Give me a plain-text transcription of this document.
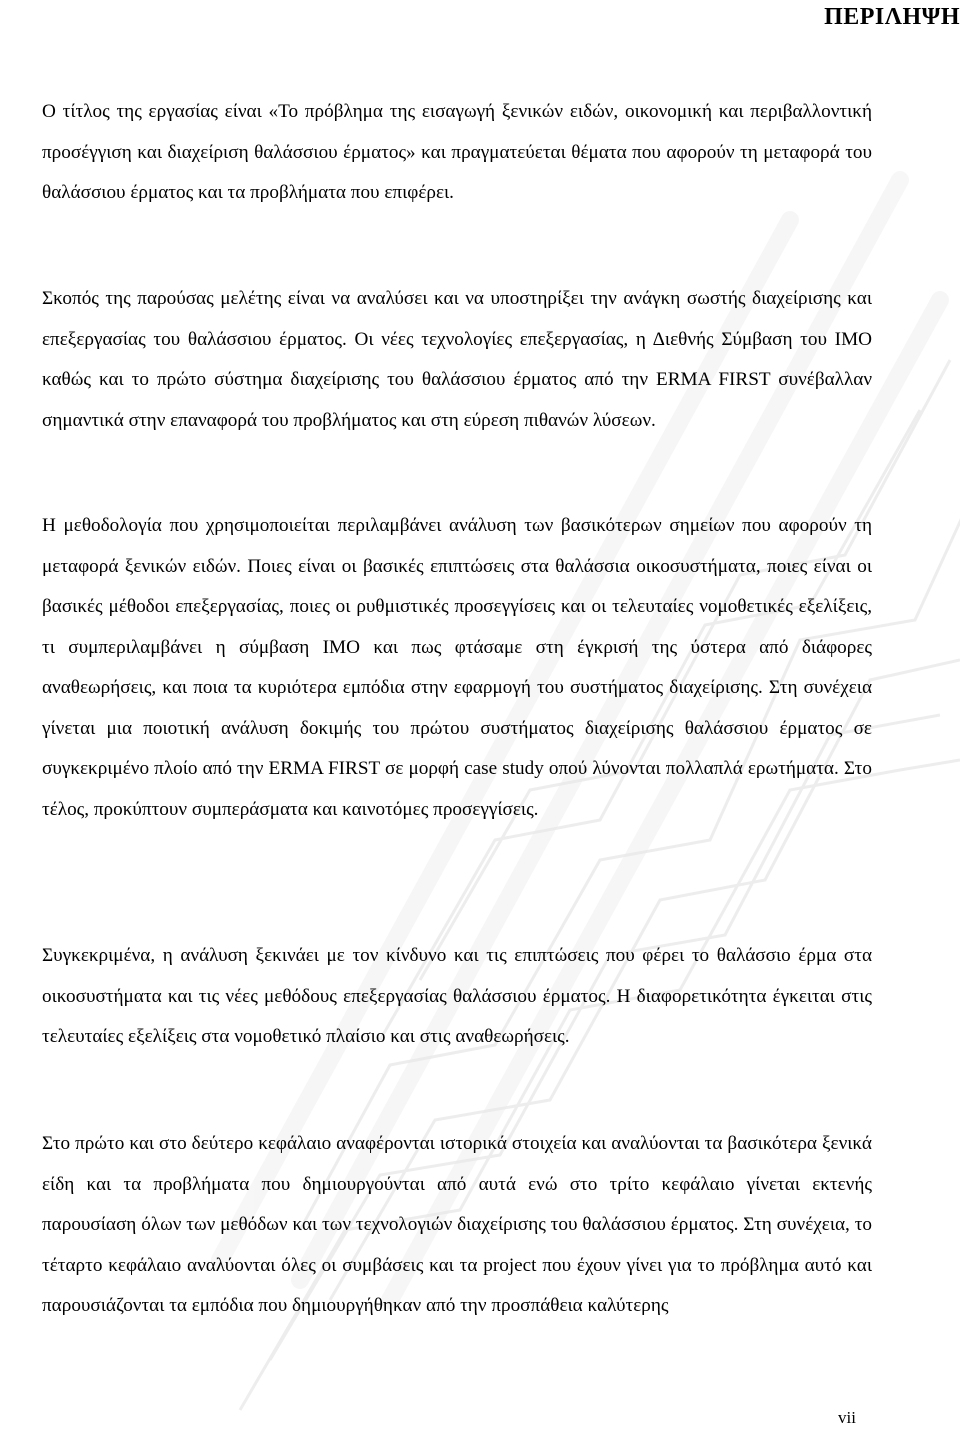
ΠΕΡΙΛΗΨΗ

Ο τίτλος της εργασίας είναι «Το πρόβλημα της εισαγωγή ξενικών ειδών, οικονομική και περιβαλλοντική προσέγγιση και διαχείριση θαλάσσιου έρματος» και πραγματεύεται θέματα που αφορούν τη μεταφορά του θαλάσσιου έρματος και τα προβλήματα που επιφέρει.

Σκοπός της παρούσας μελέτης είναι να αναλύσει και να υποστηρίξει την ανάγκη σωστής διαχείρισης και επεξεργασίας του θαλάσσιου έρματος. Οι νέες τεχνολογίες επεξεργασίας, η Διεθνής Σύμβαση του ΙΜΟ καθώς και το πρώτο σύστημα διαχείρισης του θαλάσσιου έρματος από την ERMA FIRST συνέβαλλαν σημαντικά στην επαναφορά του προβλήματος και στη εύρεση πιθανών λύσεων.

Η μεθοδολογία που χρησιμοποιείται περιλαμβάνει ανάλυση των βασικότερων σημείων που αφορούν τη μεταφορά ξενικών ειδών. Ποιες είναι οι βασικές επιπτώσεις στα θαλάσσια οικοσυστήματα, ποιες είναι οι βασικές μέθοδοι επεξεργασίας, ποιες οι ρυθμιστικές προσεγγίσεις και οι τελευταίες νομοθετικές εξελίξεις, τι συμπεριλαμβάνει η σύμβαση ΙΜΟ και πως φτάσαμε στη έγκρισή της ύστερα από διάφορες αναθεωρήσεις, και ποια τα κυριότερα εμπόδια στην εφαρμογή του συστήματος διαχείρισης. Στη συνέχεια γίνεται μια ποιοτική ανάλυση δοκιμής του πρώτου συστήματος διαχείρισης θαλάσσιου έρματος σε συγκεκριμένο πλοίο από την ERMA FIRST σε μορφή case study οπού λύνονται πολλαπλά ερωτήματα. Στο τέλος, προκύπτουν συμπεράσματα και καινοτόμες προσεγγίσεις.

Συγκεκριμένα, η ανάλυση ξεκινάει με τον κίνδυνο και τις επιπτώσεις που φέρει το θαλάσσιο έρμα στα οικοσυστήματα και τις νέες μεθόδους επεξεργασίας θαλάσσιου έρματος. Η διαφορετικότητα έγκειται στις τελευταίες εξελίξεις στα νομοθετικό πλαίσιο και στις αναθεωρήσεις.

Στο πρώτο και στο δεύτερο κεφάλαιο αναφέρονται ιστορικά στοιχεία και αναλύονται τα βασικότερα ξενικά είδη και τα προβλήματα που δημιουργούνται από αυτά ενώ στο τρίτο κεφάλαιο γίνεται εκτενής παρουσίαση όλων των μεθόδων και των τεχνολογιών διαχείρισης του θαλάσσιου έρματος. Στη συνέχεια, το τέταρτο κεφάλαιο αναλύονται όλες οι συμβάσεις και τα project που έχουν γίνει για το πρόβλημα αυτό και παρουσιάζονται τα εμπόδια που δημιουργήθηκαν από την προσπάθεια καλύτερης

vii
